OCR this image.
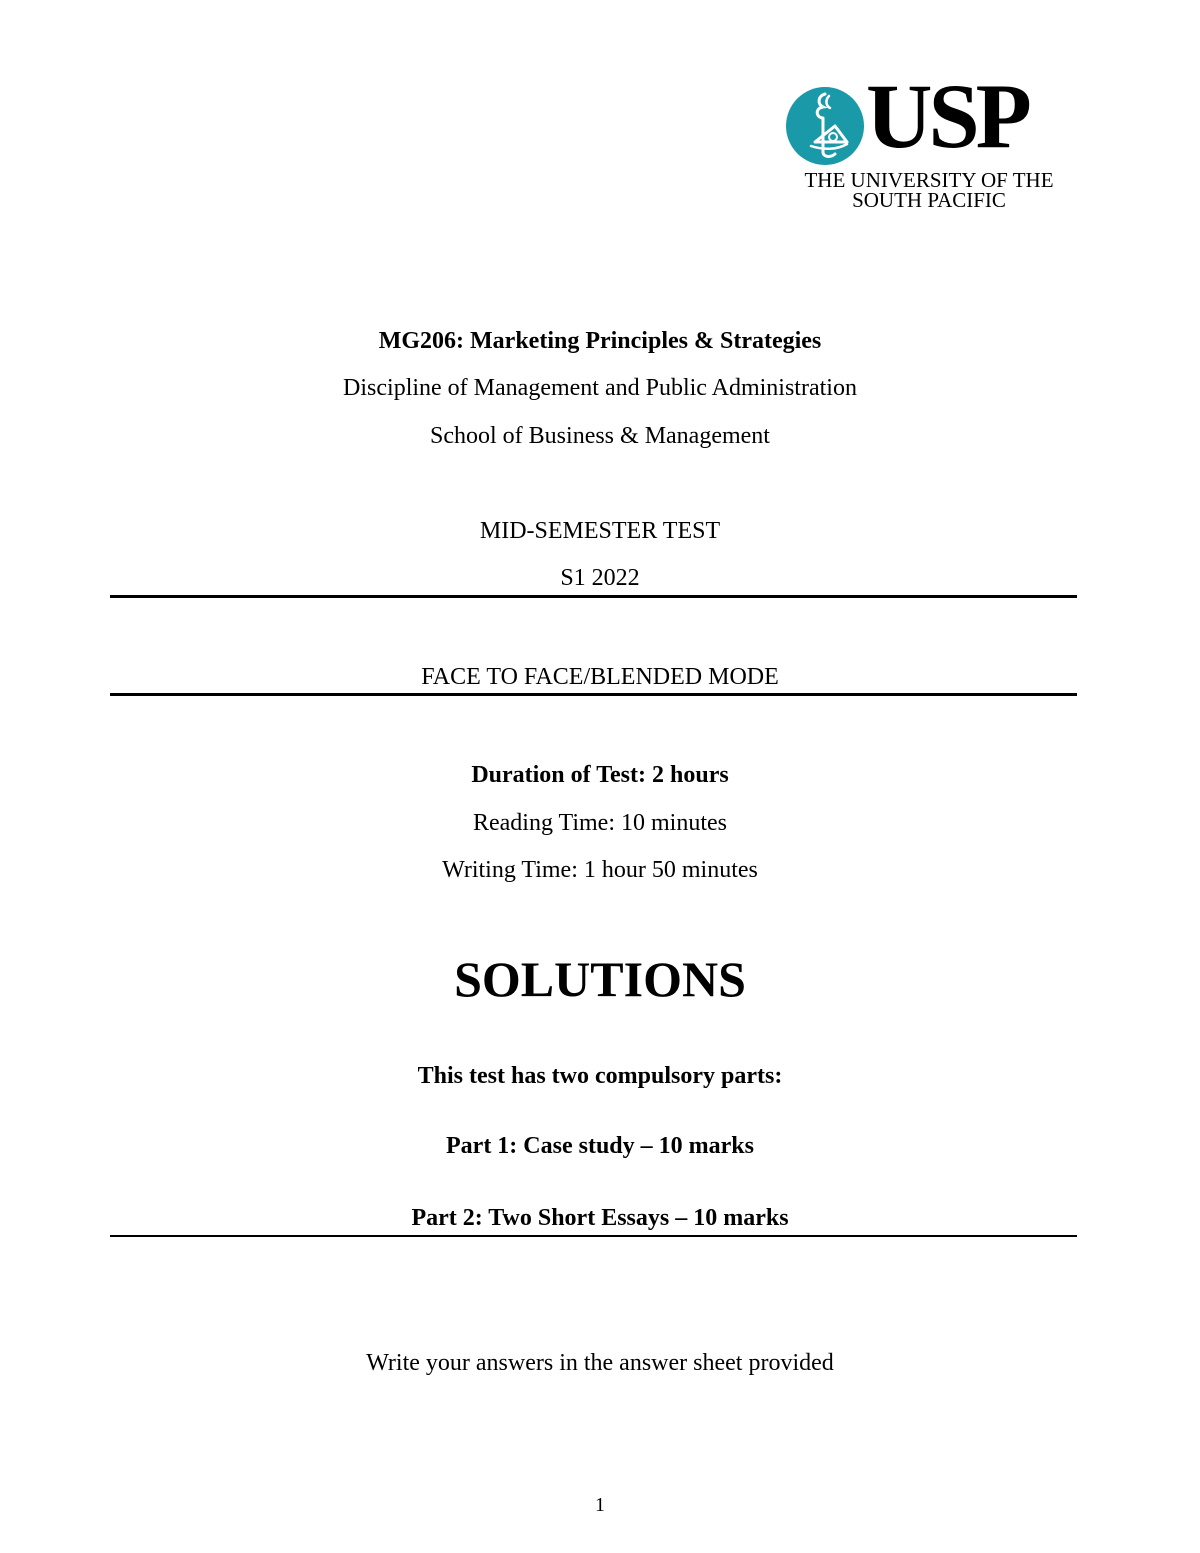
USP
THE UNIVERSITY OF THE
SOUTH PACIFIC
MG206: Marketing Principles & Strategies
Discipline of Management and Public Administration
School of Business & Management
MID-SEMESTER TEST
S1 2022
FACE TO FACE/BLENDED MODE
Duration of Test: 2 hours
Reading Time: 10 minutes
Writing Time: 1 hour 50 minutes
SOLUTIONS
This test has two compulsory parts:
Part 1: Case study – 10 marks
Part 2: Two Short Essays – 10 marks
Write your answers in the answer sheet provided
1
